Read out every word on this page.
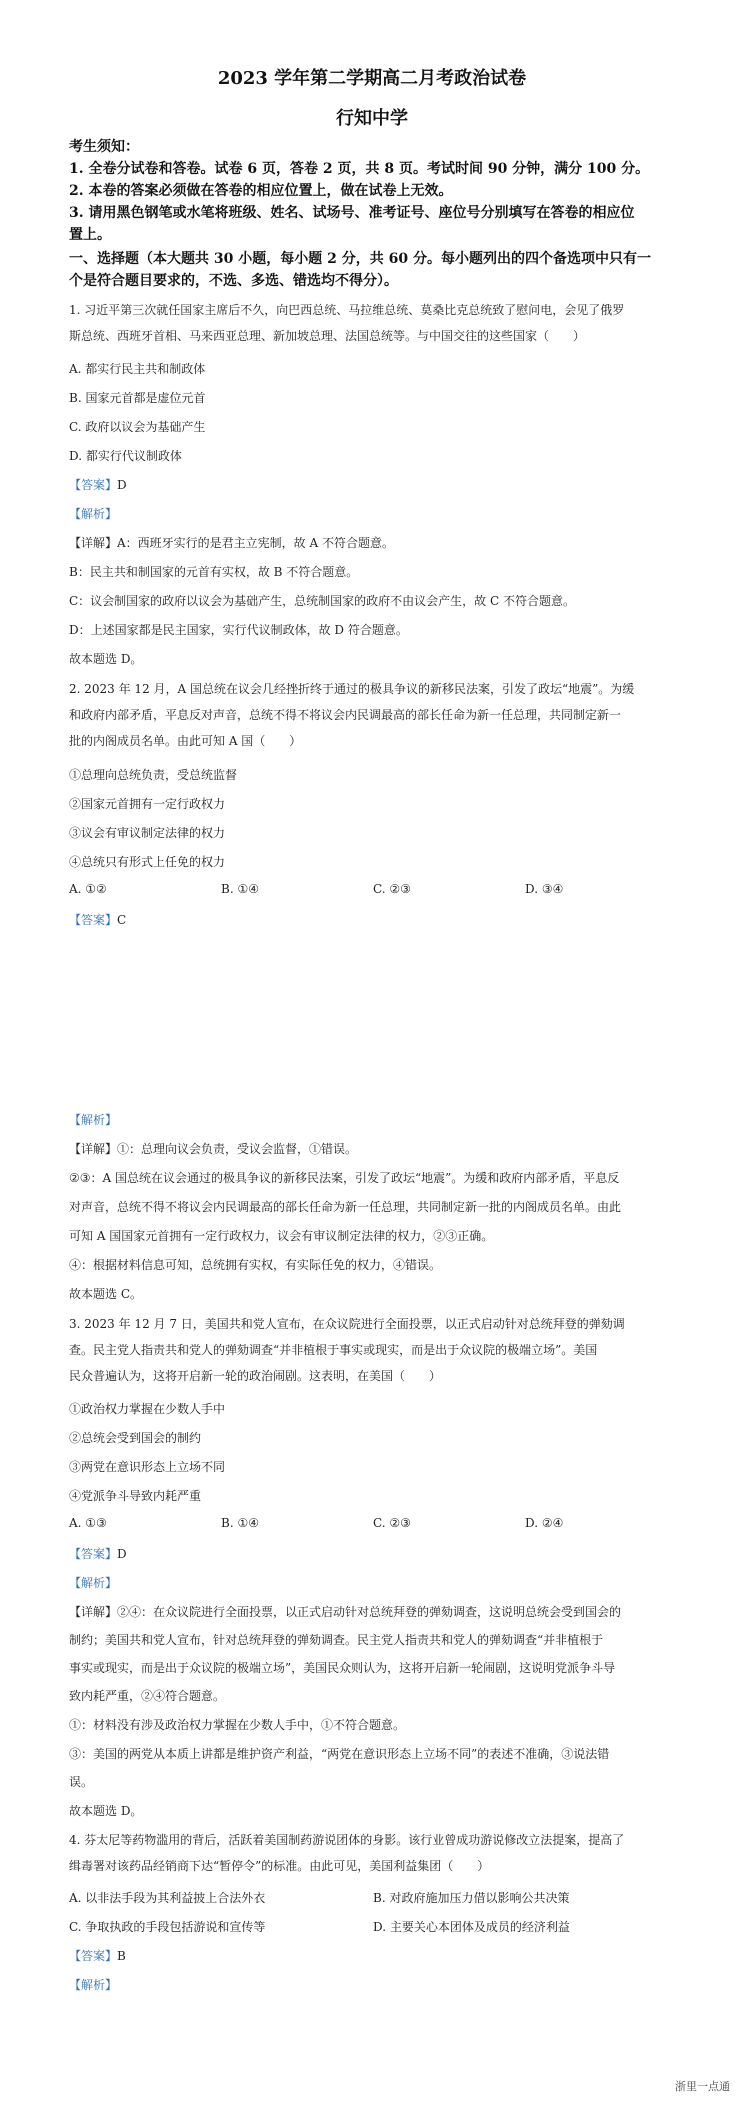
2023 学年第二学期高二月考政治试卷
行知中学
考生须知：
1. 全卷分试卷和答卷。试卷 6 页，答卷 2 页，共 8 页。考试时间 90 分钟，满分 100 分。
2. 本卷的答案必须做在答卷的相应位置上，做在试卷上无效。
3. 请用黑色钢笔或水笔将班级、姓名、试场号、准考证号、座位号分别填写在答卷的相应位
置上。
一、选择题（本大题共 30 小题，每小题 2 分，共 60 分。每小题列出的四个备选项中只有一
个是符合题目要求的，不选、多选、错选均不得分）。
1. 习近平第三次就任国家主席后不久，向巴西总统、马拉维总统、莫桑比克总统致了慰问电，会见了俄罗
斯总统、西班牙首相、马来西亚总理、新加坡总理、法国总统等。与中国交往的这些国家（　　）
A. 都实行民主共和制政体
B. 国家元首都是虚位元首
C. 政府以议会为基础产生
D. 都实行代议制政体
【答案】D
【解析】
【详解】A：西班牙实行的是君主立宪制，故 A 不符合题意。
B：民主共和制国家的元首有实权，故 B 不符合题意。
C：议会制国家的政府以议会为基础产生，总统制国家的政府不由议会产生，故 C 不符合题意。
D：上述国家都是民主国家，实行代议制政体，故 D 符合题意。
故本题选 D。
2. 2023 年 12 月，A 国总统在议会几经挫折终于通过的极具争议的新移民法案，引发了政坛“地震”。为缓
和政府内部矛盾，平息反对声音，总统不得不将议会内民调最高的部长任命为新一任总理，共同制定新一
批的内阁成员名单。由此可知 A 国（　　）
①总理向总统负责，受总统监督
②国家元首拥有一定行政权力
③议会有审议制定法律的权力
④总统只有形式上任免的权力
A. ①②	B. ①④	C. ②③	D. ③④
【答案】C
【解析】
【详解】①：总理向议会负责，受议会监督，①错误。
②③：A 国总统在议会通过的极具争议的新移民法案，引发了政坛“地震”。为缓和政府内部矛盾，平息反
对声音，总统不得不将议会内民调最高的部长任命为新一任总理，共同制定新一批的内阁成员名单。由此
可知 A 国国家元首拥有一定行政权力，议会有审议制定法律的权力，②③正确。
④：根据材料信息可知，总统拥有实权，有实际任免的权力，④错误。
故本题选 C。
3. 2023 年 12 月 7 日，美国共和党人宣布，在众议院进行全面投票，以正式启动针对总统拜登的弹劾调
查。民主党人指责共和党人的弹劾调查“并非植根于事实或现实，而是出于众议院的极端立场”。美国
民众普遍认为，这将开启新一轮的政治闹剧。这表明，在美国（　　）
①政治权力掌握在少数人手中
②总统会受到国会的制约
③两党在意识形态上立场不同
④党派争斗导致内耗严重
A. ①③	B. ①④	C. ②③	D. ②④
【答案】D
【解析】
【详解】②④：在众议院进行全面投票，以正式启动针对总统拜登的弹劾调查，这说明总统会受到国会的
制约；美国共和党人宣布，针对总统拜登的弹劾调查。民主党人指责共和党人的弹劾调查“并非植根于
事实或现实，而是出于众议院的极端立场”，美国民众则认为，这将开启新一轮闹剧，这说明党派争斗导
致内耗严重，②④符合题意。
①：材料没有涉及政治权力掌握在少数人手中，①不符合题意。
③：美国的两党从本质上讲都是维护资产利益，“两党在意识形态上立场不同”的表述不准确，③说法错
误。
故本题选 D。
4. 芬太尼等药物滥用的背后，活跃着美国制药游说团体的身影。该行业曾成功游说修改立法提案，提高了
缉毒署对该药品经销商下达“暂停令”的标准。由此可见，美国利益集团（　　）
A. 以非法手段为其利益披上合法外衣	B. 对政府施加压力借以影响公共决策
C. 争取执政的手段包括游说和宣传等	D. 主要关心本团体及成员的经济利益
【答案】B
【解析】
浙里一点通
